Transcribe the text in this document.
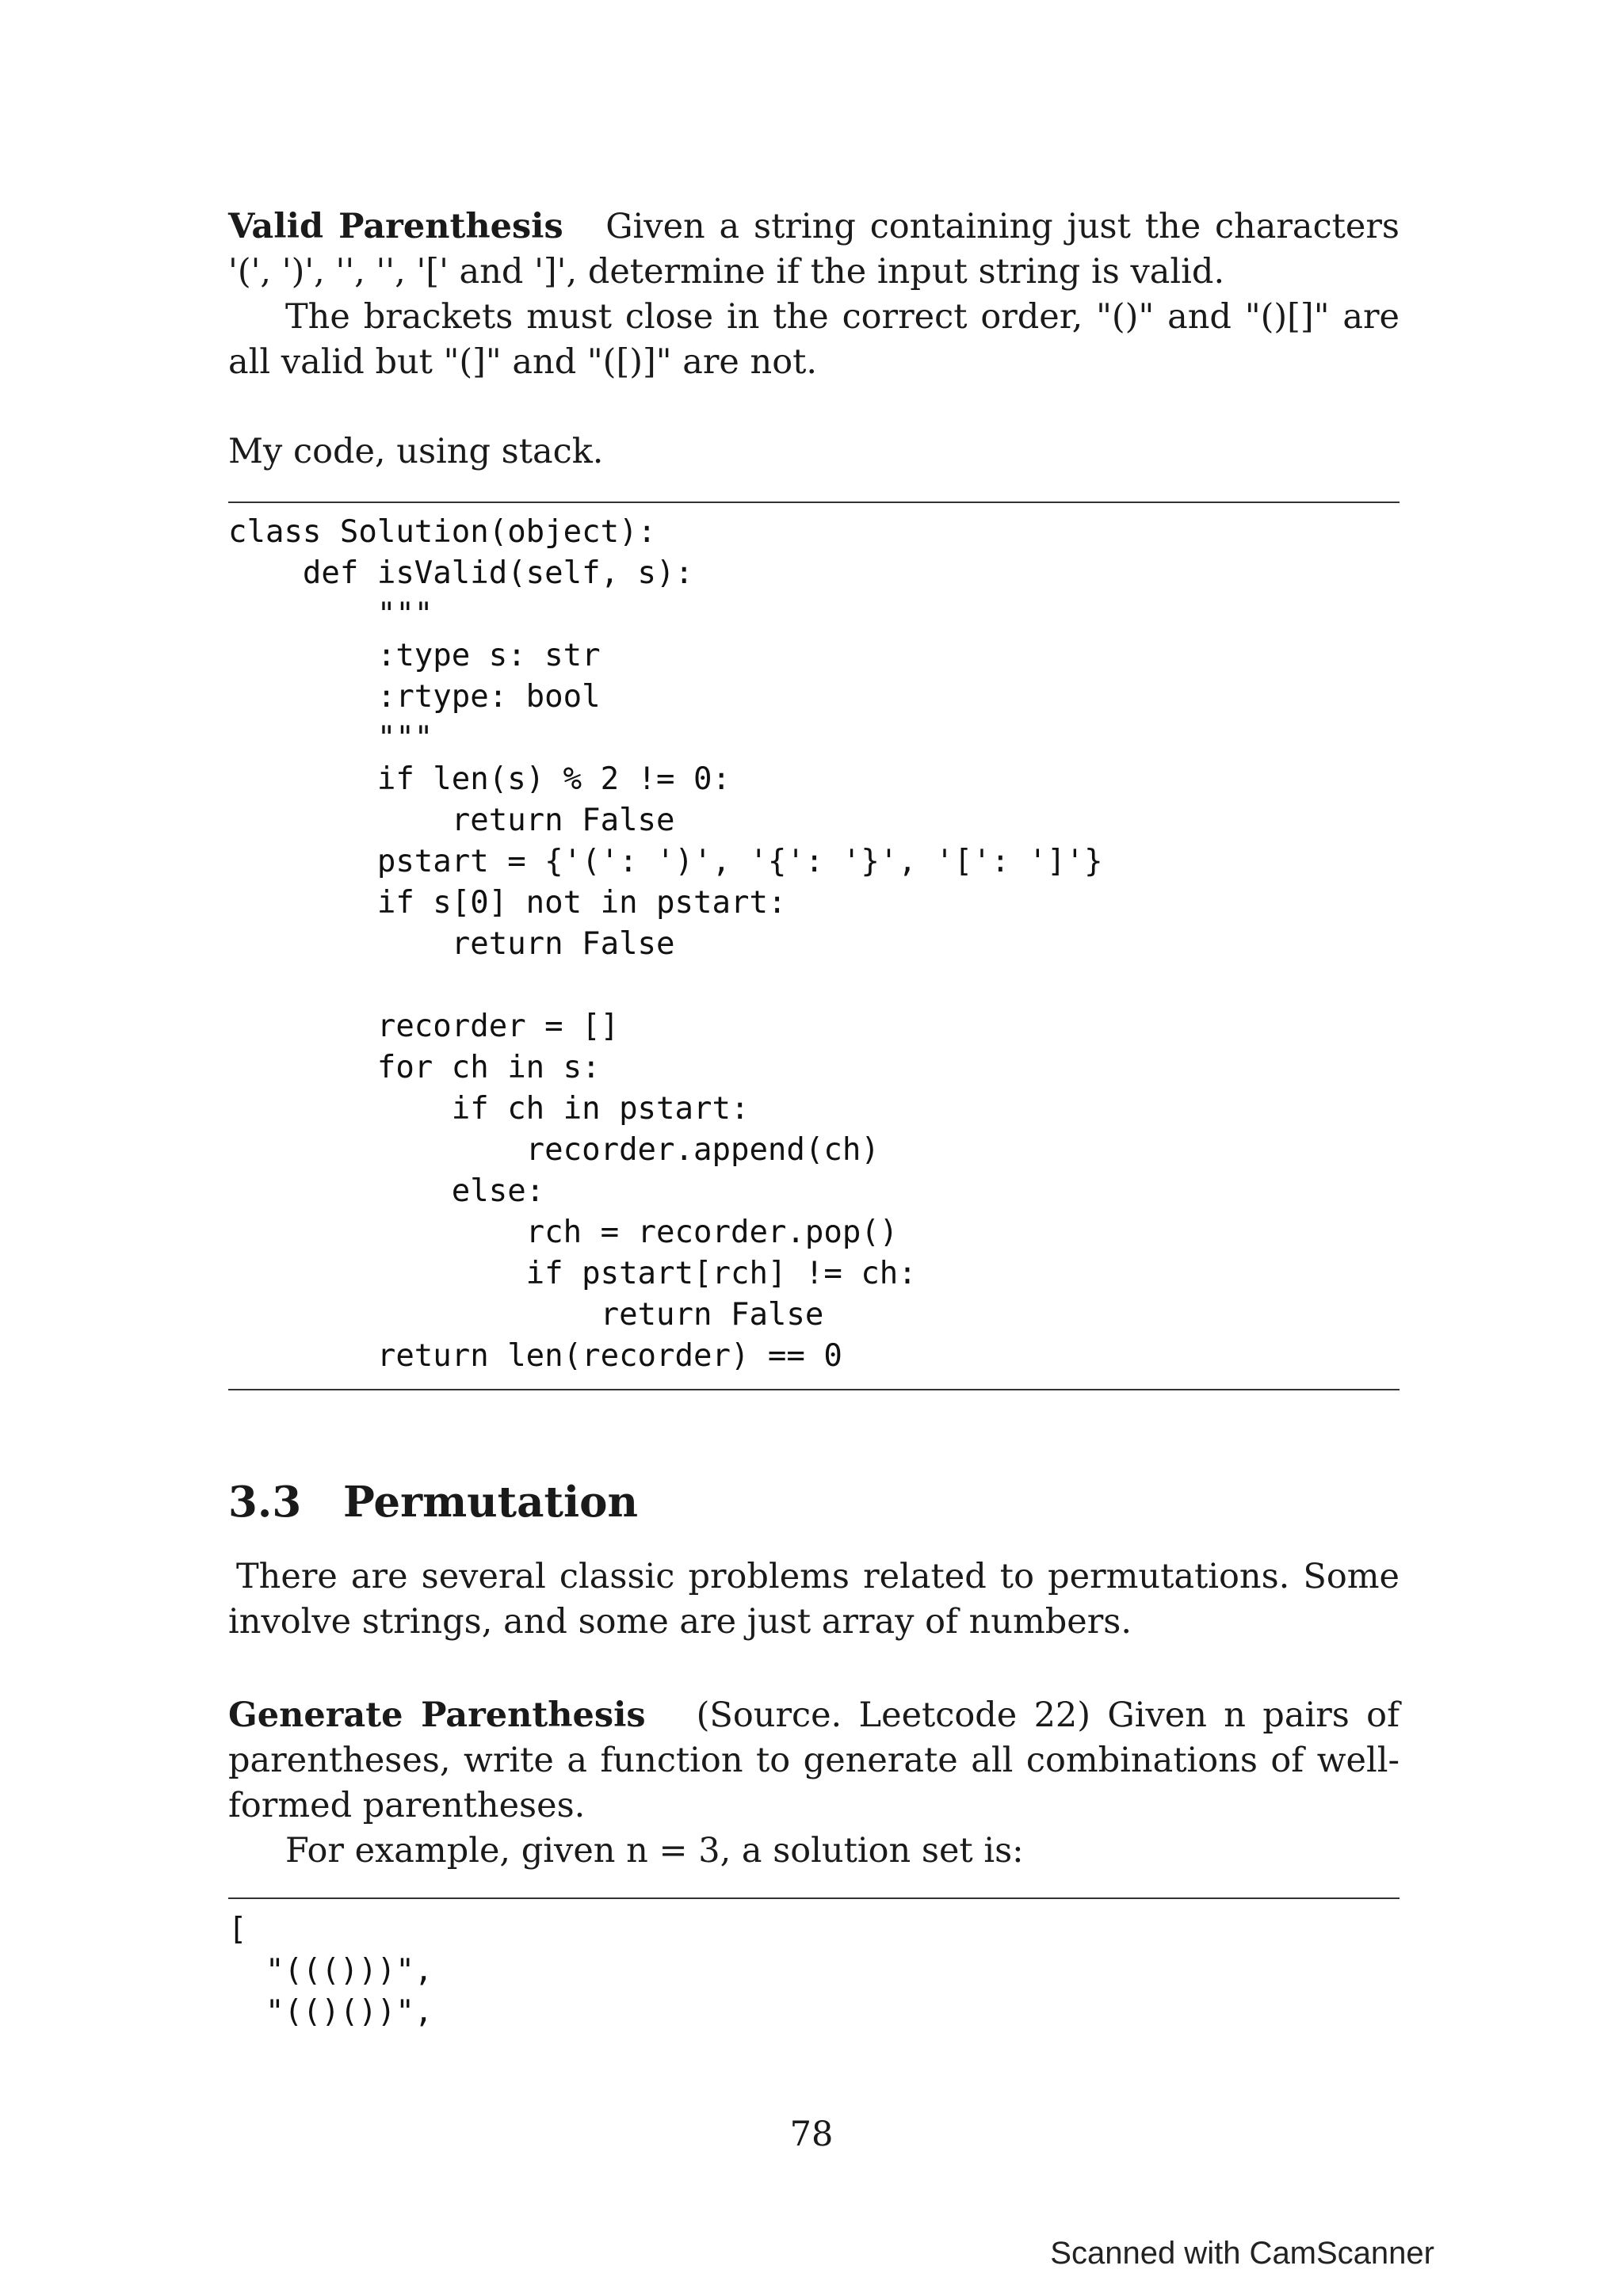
Valid Parenthesis Given a string containing just the characters '(', ')', '', '', '[' and ']', determine if the input string is valid.

The brackets must close in the correct order, "()" and "()[]" are all valid but "(]" and "([)]" are not.

My code, using stack.

class Solution(object):
def isValid(self, s):
"""
:type s: str
:rtype: bool
"""
if len(s) % 2 != 0:
return False
pstart = {'(': ')', '{': '}', '[': ']'}
if s[0] not in pstart:
return False

recorder = []
for ch in s:
if ch in pstart:
recorder.append(ch)
else:
rch = recorder.pop()
if pstart[rch] != ch:
return False
return len(recorder) == 0
3.3 Permutation

There are several classic problems related to permutations. Some involve strings, and some are just array of numbers.

Generate Parenthesis (Source. Leetcode 22) Given n pairs of parentheses, write a function to generate all combinations of well-formed parentheses.

For example, given n = 3, a solution set is:

[
"((()))",
"(()())",
78
Scanned with CamScanner
